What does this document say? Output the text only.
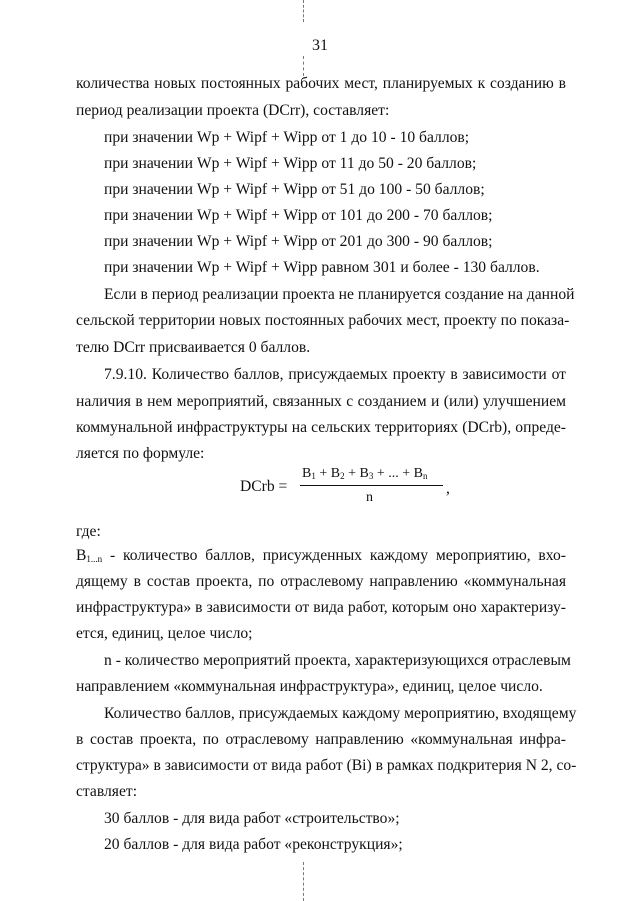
31
количества новых постоянных рабочих мест, планируемых к созданию в
период реализации проекта (DCrr), составляет:
при значении Wp + Wipf + Wipp от 1 до 10 - 10 баллов;
при значении Wp + Wipf + Wipp от 11 до 50 - 20 баллов;
при значении Wp + Wipf + Wipp от 51 до 100 - 50 баллов;
при значении Wp + Wipf + Wipp от 101 до 200 - 70 баллов;
при значении Wp + Wipf + Wipp от 201 до 300 - 90 баллов;
при значении Wp + Wipf + Wipp равном 301 и более - 130 баллов.
Если в период реализации проекта не планируется создание на данной
сельской территории новых постоянных рабочих мест, проекту по показа-
телю DCrr присваивается 0 баллов.
7.9.10. Количество баллов, присуждаемых проекту в зависимости от
наличия в нем мероприятий, связанных с созданием и (или) улучшением
коммунальной инфраструктуры на сельских территориях (DCrb), опреде-
ляется по формуле:
DCrb =
$B_1 + B_2 + B_3$ + ... + $B_n$
n
,
где:
$B_{1...n}$ - количество баллов, присужденных каждому мероприятию, вхо-
дящему в состав проекта, по отраслевому направлению «коммунальная
инфраструктура» в зависимости от вида работ, которым оно характеризу-
ется, единиц, целое число;
n - количество мероприятий проекта, характеризующихся отраслевым
направлением «коммунальная инфраструктура», единиц, целое число.
Количество баллов, присуждаемых каждому мероприятию, входящему
в состав проекта, по отраслевому направлению «коммунальная инфра-
структура» в зависимости от вида работ (Bi) в рамках подкритерия N 2, со-
ставляет:
30 баллов - для вида работ «строительство»;
20 баллов - для вида работ «реконструкция»;
